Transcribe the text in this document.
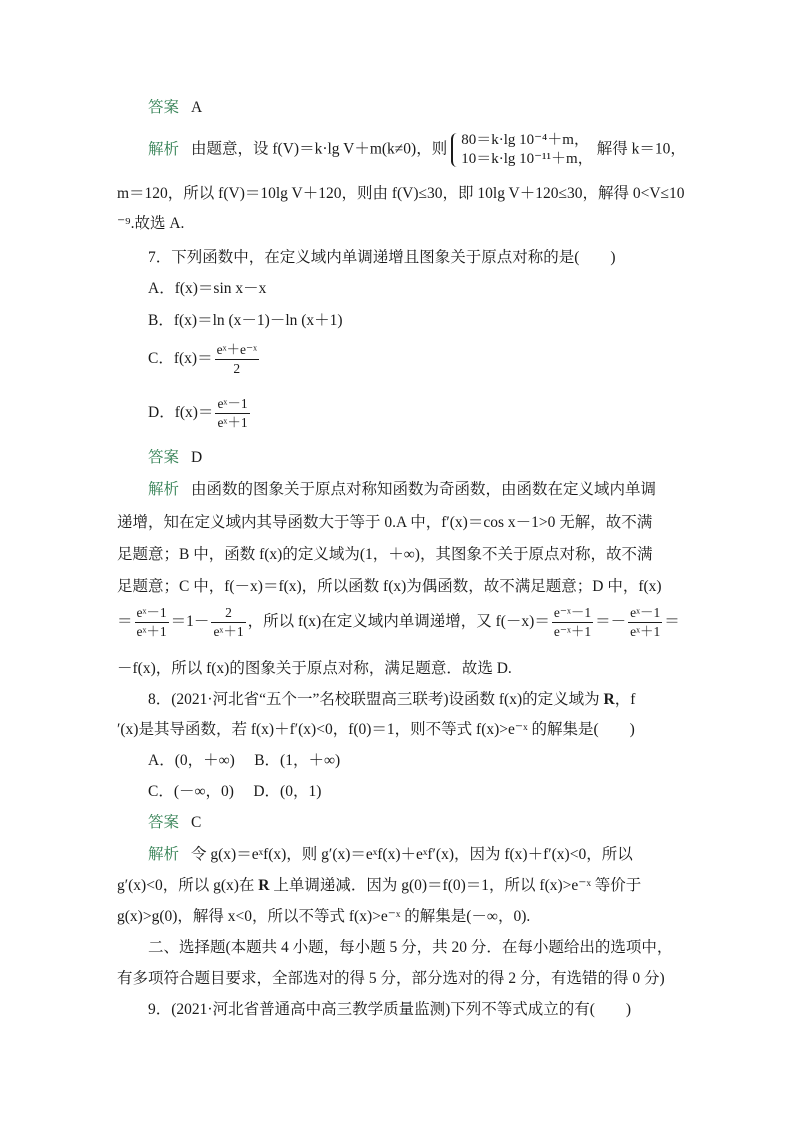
答案 A
解析 由题意，设 f(V)＝k·lg V＋m(k≠0)，则
80＝k·lg 10⁻⁴＋m，
10＝k·lg 10⁻¹¹＋m，
解得 k＝10，
m＝120，所以 f(V)＝10lg V＋120，则由 f(V)≤30，即 10lg V＋120≤30，解得 0<V≤10
⁻⁹.故选 A.
7．下列函数中，在定义域内单调递增且图象关于原点对称的是(　　)
A．f(x)＝sin x－x
B．f(x)＝ln (x－1)－ln (x＋1)
C．$f(x)= \frac{\text{eˣ＋e⁻ˣ}}{2}$
D．$f(x)= \frac{\text{eˣ－1}}{\text{eˣ＋1}}$
答案 D
解析 由函数的图象关于原点对称知函数为奇函数，由函数在定义域内单调
递增，知在定义域内其导函数大于等于 0.A 中，f′(x)＝cos x－1>0 无解，故不满
足题意；B 中，函数 f(x)的定义域为(1，＋∞)，其图象不关于原点对称，故不满
足题意；C 中，f(－x)＝f(x)，所以函数 f(x)为偶函数，故不满足题意；D 中，f(x)
＝ $\frac{\text{eˣ－1}}{\text{eˣ＋1}} =1- \frac{2}{\text{eˣ＋1}}$ ，所以 f(x)在定义域内单调递增，又 $f(-x)= \frac{\text{e⁻ˣ－1}}{\text{e⁻ˣ＋1}} =- \frac{\text{eˣ－1}}{\text{eˣ＋1}}$ ＝
－f(x)，所以 f(x)的图象关于原点对称，满足题意．故选 D.
8．(2021·河北省“五个一”名校联盟高三联考)设函数 f(x)的定义域为 R，f
′(x)是其导函数，若 f(x)＋f′(x)<0，f(0)＝1，则不等式 f(x)>e⁻ˣ 的解集是(　　)
A．(0，＋∞)　 B．(1，＋∞)
C．(－∞，0)　 D．(0，1)
答案 C
解析 令 g(x)＝eˣf(x)，则 g′(x)＝eˣf(x)＋eˣf′(x)，因为 f(x)＋f′(x)<0，所以
g′(x)<0，所以 g(x)在 R 上单调递减．因为 g(0)＝f(0)＝1，所以 f(x)>e⁻ˣ 等价于
g(x)>g(0)，解得 x<0，所以不等式 f(x)>e⁻ˣ 的解集是(－∞，0).
二、选择题(本题共 4 小题，每小题 5 分，共 20 分．在每小题给出的选项中，
有多项符合题目要求，全部选对的得 5 分，部分选对的得 2 分，有选错的得 0 分)
9．(2021·河北省普通高中高三教学质量监测)下列不等式成立的有(　　)
